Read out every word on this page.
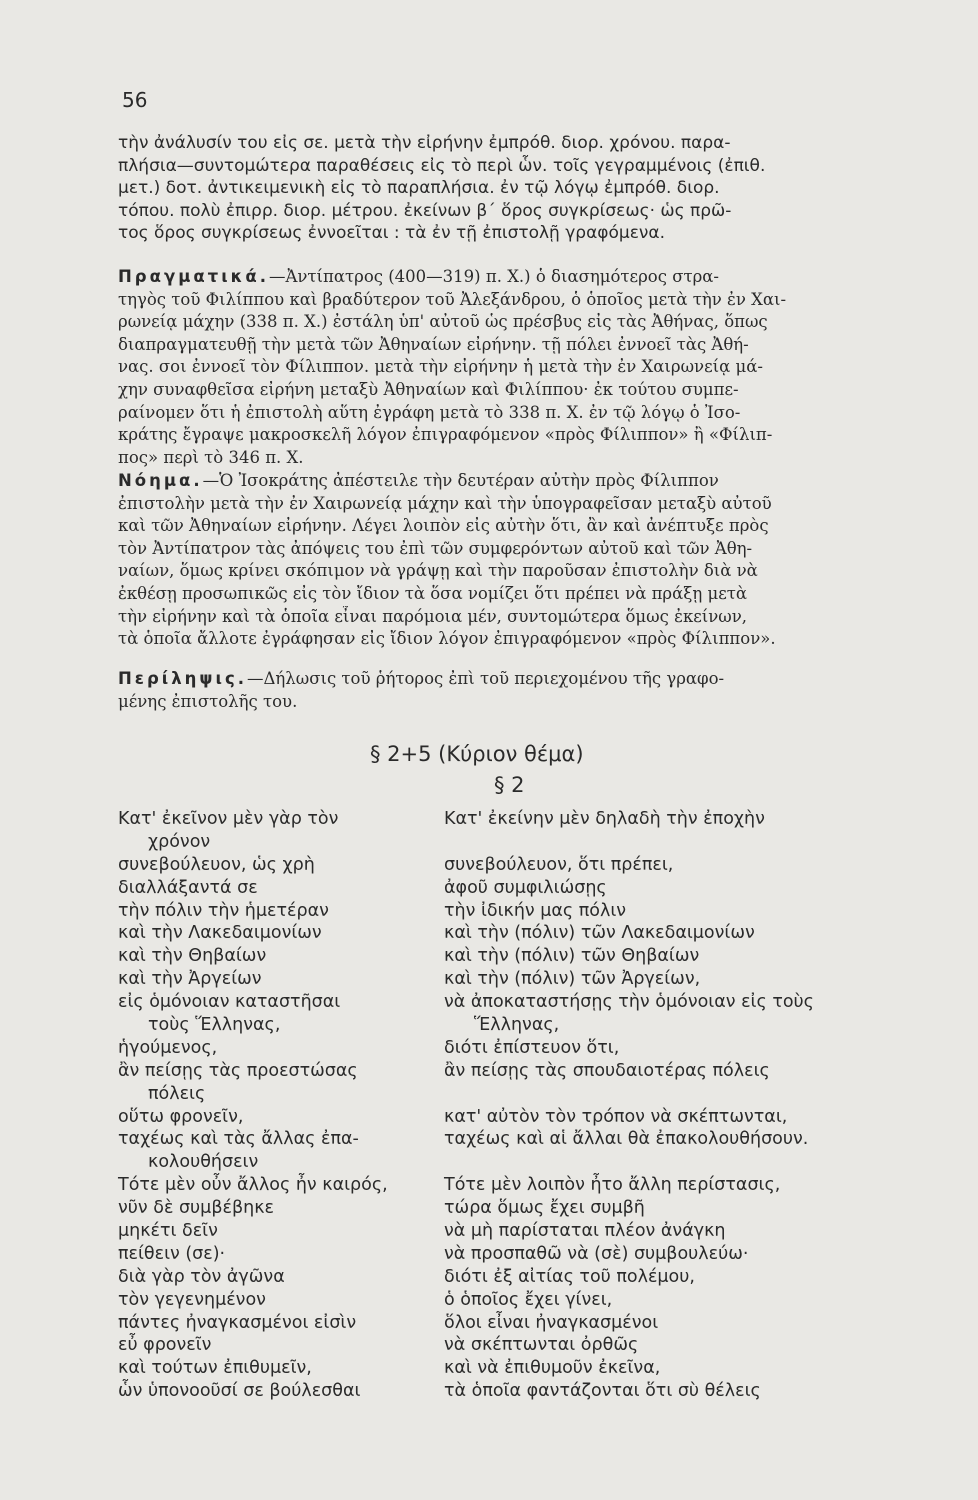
56
τὴν ἀνάλυσίν του εἰς σε. μετὰ τὴν εἰρήνην ἐμπρόθ. διορ. χρόνου. παρα-
πλήσια—συντομώτερα παραθέσεις εἰς τὸ περὶ ὧν. τοῖς γεγραμμένοις (ἐπιθ.
μετ.) δοτ. ἀντικειμενικὴ εἰς τὸ παραπλήσια. ἐν τῷ λόγῳ ἐμπρόθ. διορ.
τόπου. πολὺ ἐπιρρ. διορ. μέτρου. ἐκείνων β΄ ὅρος συγκρίσεως· ὡς πρῶ-
τος ὅρος συγκρίσεως ἐννοεῖται : τὰ ἐν τῇ ἐπιστολῇ γραφόμενα.
Πραγματικά.—Ἀντίπατρος (400—319) π. Χ.) ὁ διασημότερος στρα-
τηγὸς τοῦ Φιλίππου καὶ βραδύτερον τοῦ Ἀλεξάνδρου, ὁ ὁποῖος μετὰ τὴν ἐν Χαι-
ρωνείᾳ μάχην (338 π. Χ.) ἐστάλη ὑπ' αὐτοῦ ὡς πρέσβυς εἰς τὰς Ἀθήνας, ὅπως
διαπραγματευθῇ τὴν μετὰ τῶν Ἀθηναίων εἰρήνην. τῇ πόλει ἐννοεῖ τὰς Ἀθή-
νας. σοι ἐννοεῖ τὸν Φίλιππον. μετὰ τὴν εἰρήνην ἡ μετὰ τὴν ἐν Χαιρωνείᾳ μά-
χην συναφθεῖσα εἰρήνη μεταξὺ Ἀθηναίων καὶ Φιλίππου· ἐκ τούτου συμπε-
ραίνομεν ὅτι ἡ ἐπιστολὴ αὕτη ἐγράφη μετὰ τὸ 338 π. Χ. ἐν τῷ λόγῳ ὁ Ἰσο-
κράτης ἔγραψε μακροσκελῆ λόγον ἐπιγραφόμενον «πρὸς Φίλιππον» ἢ «Φίλιπ-
πος» περὶ τὸ 346 π. Χ.
Νόημα.—Ὁ Ἰσοκράτης ἀπέστειλε τὴν δευτέραν αὐτὴν πρὸς Φίλιππον
ἐπιστολὴν μετὰ τὴν ἐν Χαιρωνείᾳ μάχην καὶ τὴν ὑπογραφεῖσαν μεταξὺ αὐτοῦ
καὶ τῶν Ἀθηναίων εἰρήνην. Λέγει λοιπὸν εἰς αὐτὴν ὅτι, ἂν καὶ ἀνέπτυξε πρὸς
τὸν Ἀντίπατρον τὰς ἀπόψεις του ἐπὶ τῶν συμφερόντων αὐτοῦ καὶ τῶν Ἀθη-
ναίων, ὅμως κρίνει σκόπιμον νὰ γράψῃ καὶ τὴν παροῦσαν ἐπιστολὴν διὰ νὰ
ἐκθέσῃ προσωπικῶς εἰς τὸν ἴδιον τὰ ὅσα νομίζει ὅτι πρέπει νὰ πράξῃ μετὰ
τὴν εἰρήνην καὶ τὰ ὁποῖα εἶναι παρόμοια μέν, συντομώτερα ὅμως ἐκείνων,
τὰ ὁποῖα ἄλλοτε ἐγράφησαν εἰς ἴδιον λόγον ἐπιγραφόμενον «πρὸς Φίλιππον».
Περίληψις.—Δήλωσις τοῦ ῥήτορος ἐπὶ τοῦ περιεχομένου τῆς γραφο-
μένης ἐπιστολῆς του.
§ 2+5 (Κύριον θέμα)
§ 2
Κατ' ἐκεῖνον μὲν γὰρ τὸν
χρόνον
συνεβούλευον, ὡς χρὴ
διαλλάξαντά σε
τὴν πόλιν τὴν ἡμετέραν
καὶ τὴν Λακεδαιμονίων
καὶ τὴν Θηβαίων
καὶ τὴν Ἀργείων
εἰς ὁμόνοιαν καταστῆσαι
τοὺς Ἕλληνας,
ἡγούμενος,
ἂν πείσῃς τὰς προεστώσας
πόλεις
οὕτω φρονεῖν,
ταχέως καὶ τὰς ἄλλας ἐπα-
κολουθήσειν
Τότε μὲν οὖν ἄλλος ἦν καιρός,
νῦν δὲ συμβέβηκε
μηκέτι δεῖν
πείθειν (σε)·
διὰ γὰρ τὸν ἀγῶνα
τὸν γεγενημένον
πάντες ἠναγκασμένοι εἰσὶν
εὖ φρονεῖν
καὶ τούτων ἐπιθυμεῖν,
ὧν ὑπονοοῦσί σε βούλεσθαι
Κατ' ἐκείνην μὲν δηλαδὴ τὴν ἐποχὴν
συνεβούλευον, ὅτι πρέπει,
ἀφοῦ συμφιλιώσῃς
τὴν ἰδικήν μας πόλιν
καὶ τὴν (πόλιν) τῶν Λακεδαιμονίων
καὶ τὴν (πόλιν) τῶν Θηβαίων
καὶ τὴν (πόλιν) τῶν Ἀργείων,
νὰ ἀποκαταστήσῃς τὴν ὁμόνοιαν εἰς τοὺς
Ἕλληνας,
διότι ἐπίστευον ὅτι,
ἂν πείσῃς τὰς σπουδαιοτέρας πόλεις
κατ' αὐτὸν τὸν τρόπον νὰ σκέπτωνται,
ταχέως καὶ αἱ ἄλλαι θὰ ἐπακολουθήσουν.
Τότε μὲν λοιπὸν ἦτο ἄλλη περίστασις,
τώρα ὅμως ἔχει συμβῆ
νὰ μὴ παρίσταται πλέον ἀνάγκη
νὰ προσπαθῶ νὰ (σὲ) συμβουλεύω·
διότι ἐξ αἰτίας τοῦ πολέμου,
ὁ ὁποῖος ἔχει γίνει,
ὅλοι εἶναι ἠναγκασμένοι
νὰ σκέπτωνται ὀρθῶς
καὶ νὰ ἐπιθυμοῦν ἐκεῖνα,
τὰ ὁποῖα φαντάζονται ὅτι σὺ θέλεις
